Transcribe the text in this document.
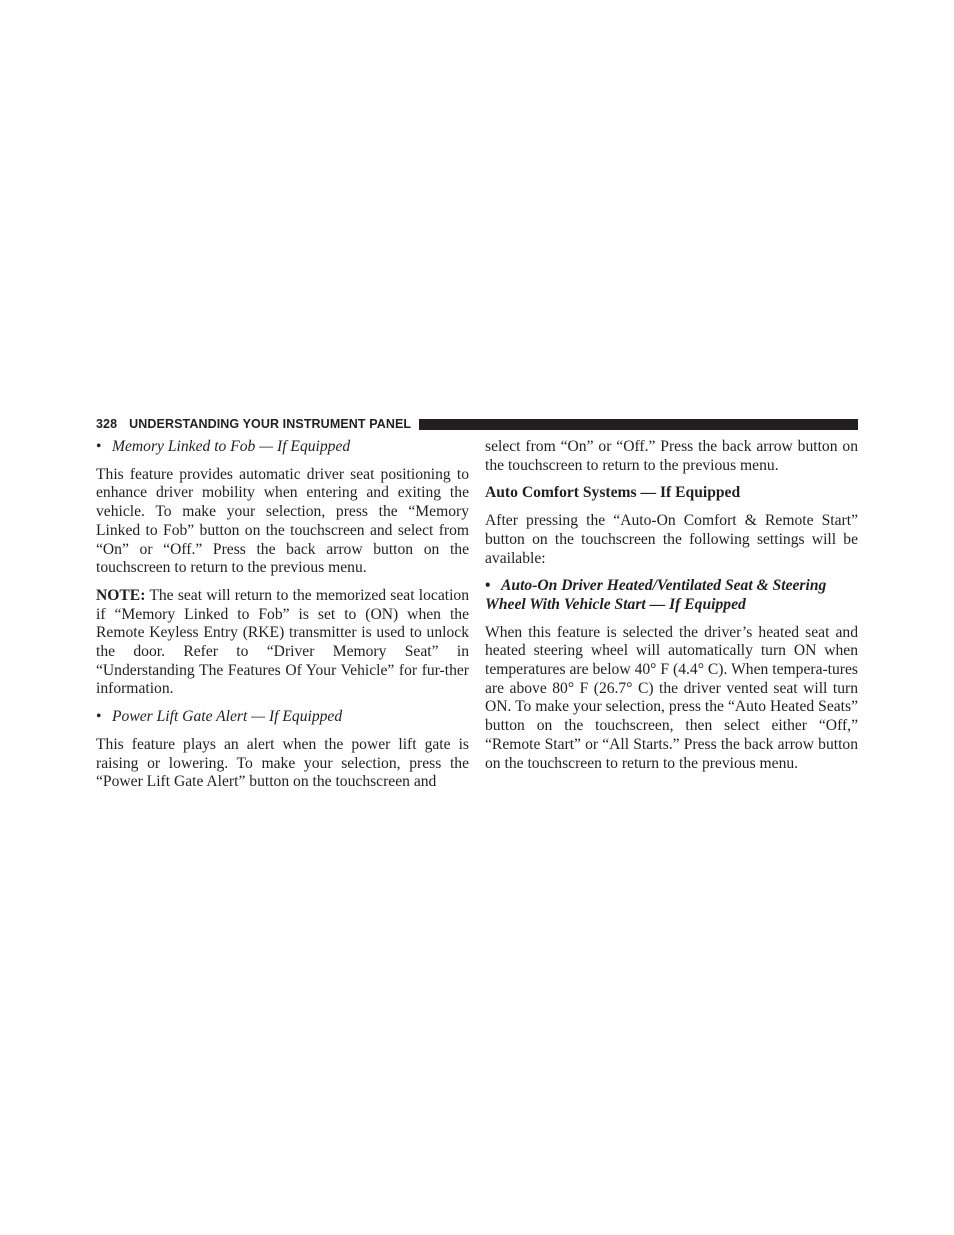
328 UNDERSTANDING YOUR INSTRUMENT PANEL

• Memory Linked to Fob — If Equipped

This feature provides automatic driver seat positioning to enhance driver mobility when entering and exiting the vehicle. To make your selection, press the “Memory Linked to Fob” button on the touchscreen and select from “On” or “Off.” Press the back arrow button on the touchscreen to return to the previous menu.

NOTE: The seat will return to the memorized seat location if “Memory Linked to Fob” is set to (ON) when the Remote Keyless Entry (RKE) transmitter is used to unlock the door. Refer to “Driver Memory Seat” in “Understanding The Features Of Your Vehicle” for fur-ther information.

• Power Lift Gate Alert — If Equipped

This feature plays an alert when the power lift gate is raising or lowering. To make your selection, press the “Power Lift Gate Alert” button on the touchscreen and

select from “On” or “Off.” Press the back arrow button on the touchscreen to return to the previous menu.

Auto Comfort Systems — If Equipped

After pressing the “Auto-On Comfort & Remote Start” button on the touchscreen the following settings will be available:

• Auto-On Driver Heated/Ventilated Seat & Steering Wheel With Vehicle Start — If Equipped

When this feature is selected the driver’s heated seat and heated steering wheel will automatically turn ON when temperatures are below 40° F (4.4° C). When tempera-tures are above 80° F (26.7° C) the driver vented seat will turn ON. To make your selection, press the “Auto Heated Seats” button on the touchscreen, then select either “Off,” “Remote Start” or “All Starts.” Press the back arrow button on the touchscreen to return to the previous menu.
